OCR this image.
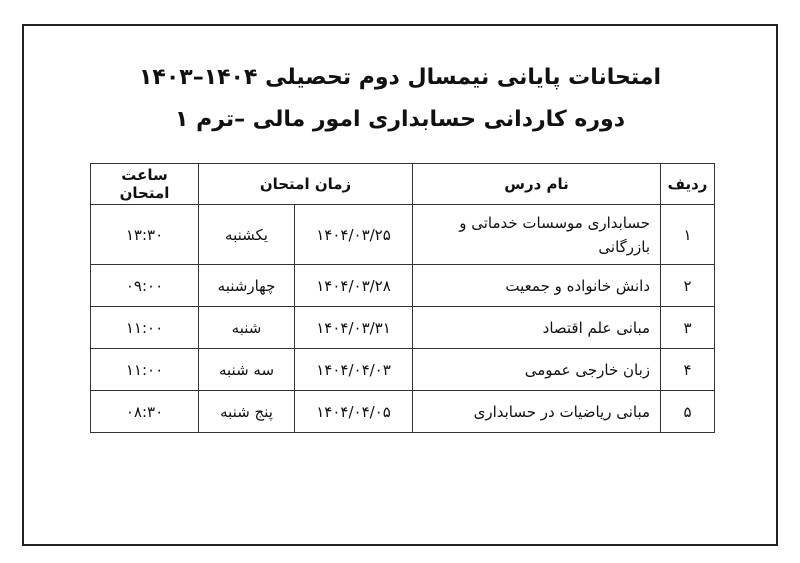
امتحانات پایانی نیمسال دوم تحصیلی ۱۴۰۴–۱۴۰۳
دوره کاردانی حسابداری امور مالی –ترم ۱
ردیف	نام درس	زمان امتحان		ساعت امتحان
۱	حسابداری موسسات خدماتی و بازرگانی	۱۴۰۴/۰۳/۲۵	یکشنبه	۱۳:۳۰
۲	دانش خانواده و جمعیت	۱۴۰۴/۰۳/۲۸	چهارشنبه	۰۹:۰۰
۳	مبانی علم اقتصاد	۱۴۰۴/۰۳/۳۱	شنبه	۱۱:۰۰
۴	زبان خارجی عمومی	۱۴۰۴/۰۴/۰۳	سه شنبه	۱۱:۰۰
۵	مبانی ریاضیات در حسابداری	۱۴۰۴/۰۴/۰۵	پنج شنبه	۰۸:۳۰
